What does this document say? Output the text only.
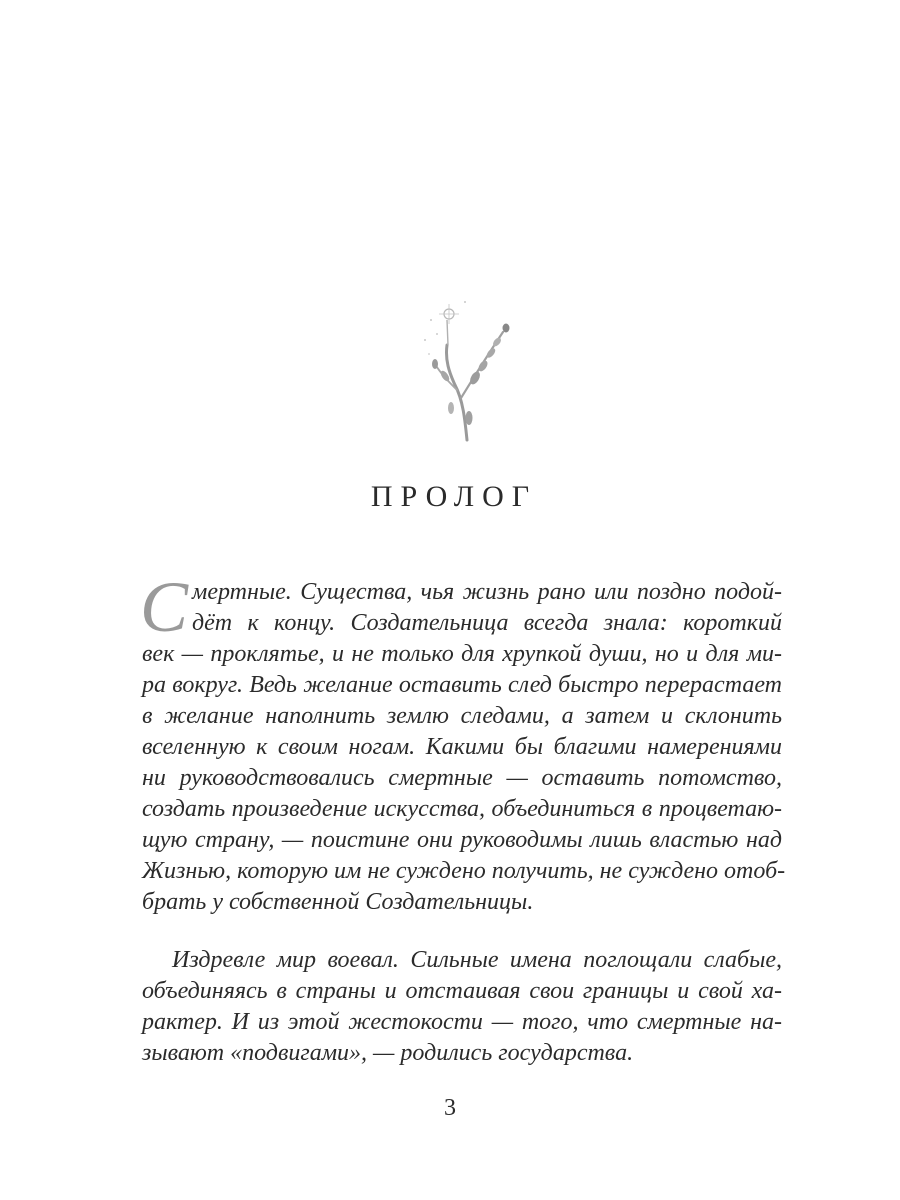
ПРОЛОГ
С мертные. Существа, чья жизнь рано или поздно подой-
дёт к концу. Создательница всегда знала: короткий
век — проклятье, и не только для хрупкой души, но и для ми-
ра вокруг. Ведь желание оставить след быстро перерастает
в желание наполнить землю следами, а затем и склонить
вселенную к своим ногам. Какими бы благими намерениями
ни руководствовались смертные — оставить потомство,
создать произведение искусства, объединиться в процветаю-
щую страну, — поистине они руководимы лишь властью над
Жизнью, которую им не суждено получить, не суждено отоб-
брать у собственной Создательницы.
Издревле мир воевал. Сильные имена поглощали слабые,
объединяясь в страны и отстаивая свои границы и свой ха-
рактер. И из этой жестокости — того, что смертные на-
зывают «подвигами», — родились государства.
3
